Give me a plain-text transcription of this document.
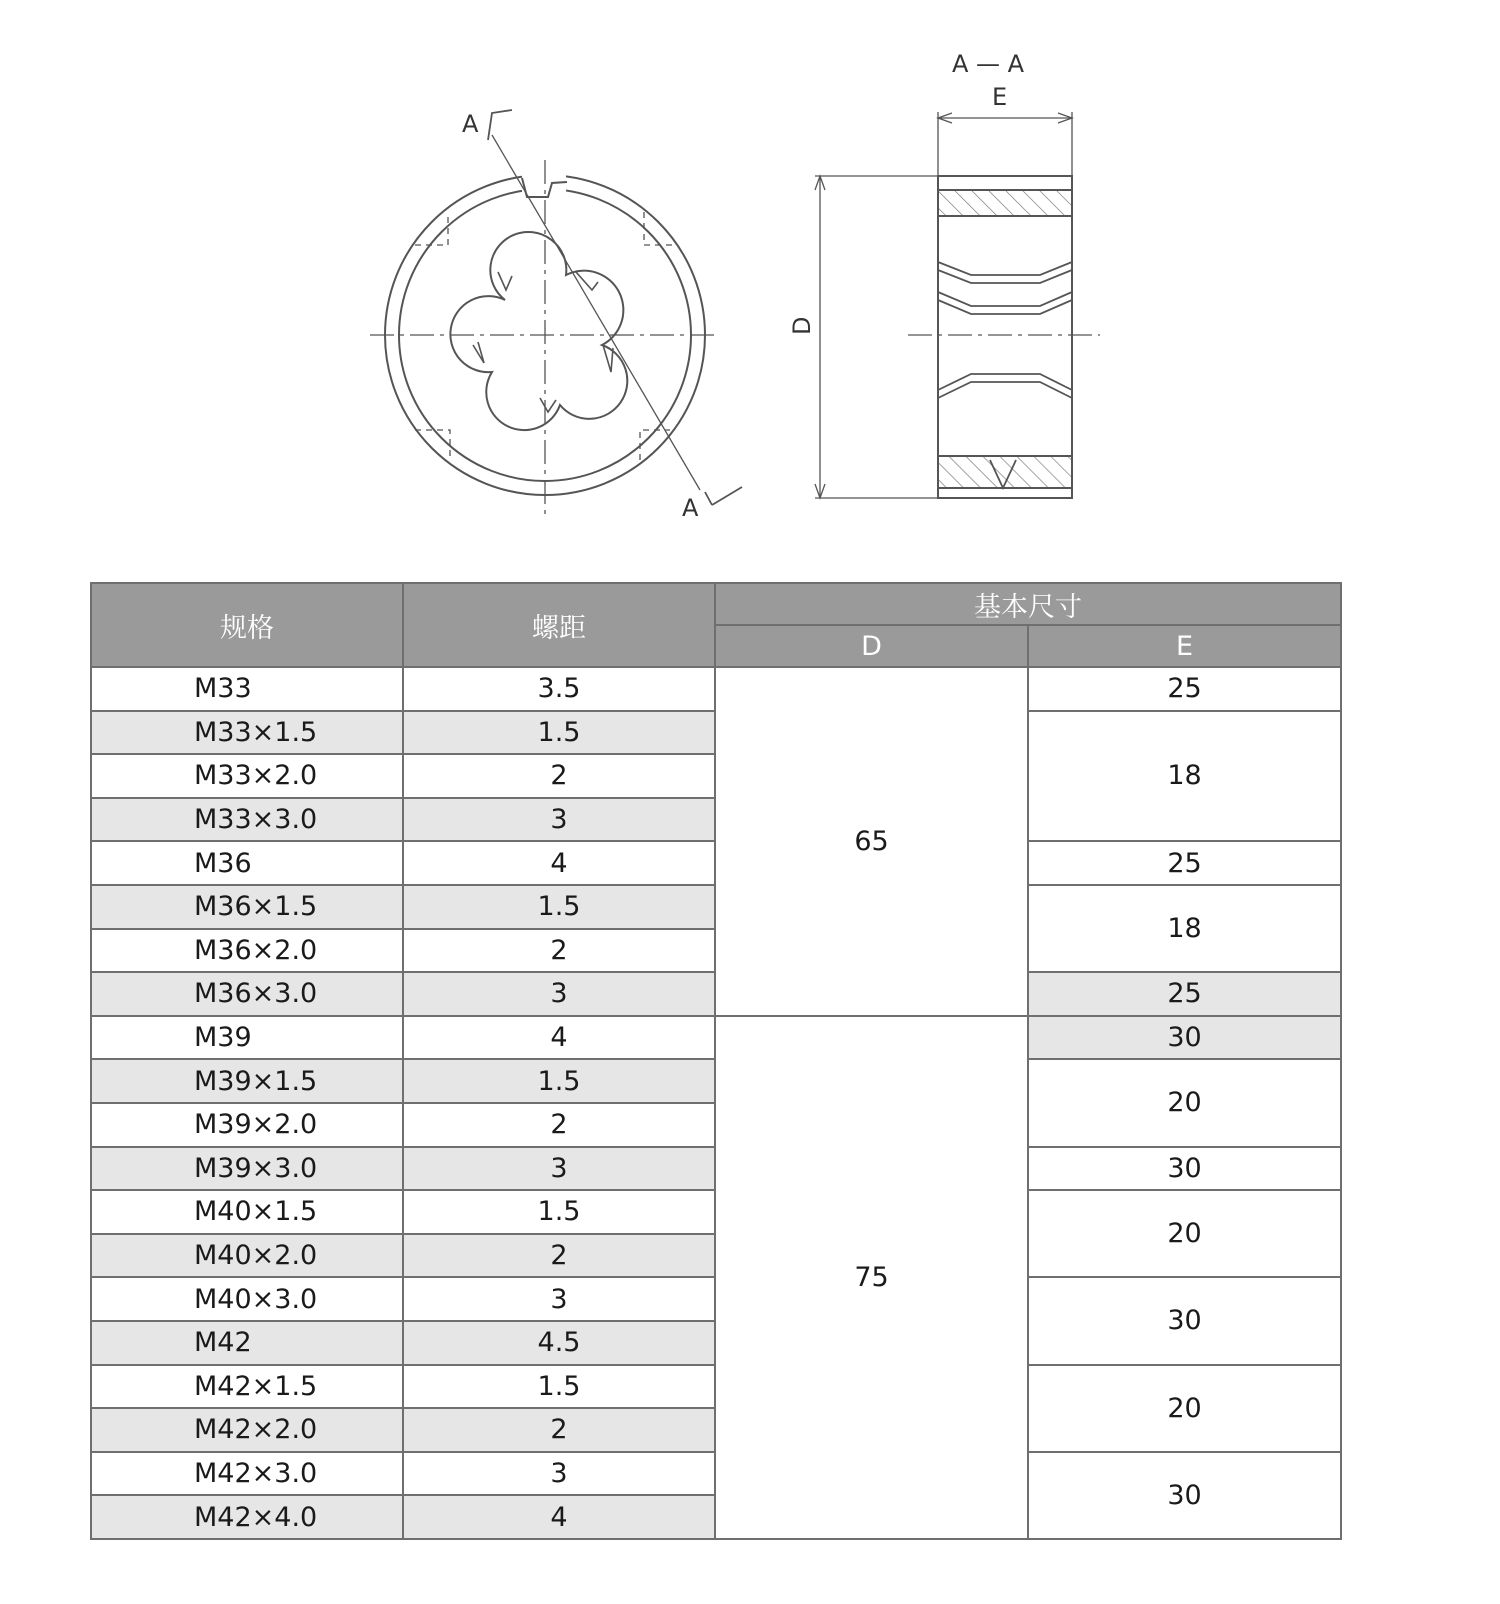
A
A
A — A
E
D
规格	螺距	基本尺寸	
		D	E
M33	3.5	65	25
M33×1.5	1.5		18
M33×2.0	2		
M33×3.0	3		
M36	4		25
M36×1.5	1.5		18
M36×2.0	2		
M36×3.0	3		25
M39	4	75	30
M39×1.5	1.5		20
M39×2.0	2		
M39×3.0	3		30
M40×1.5	1.5		20
M40×2.0	2		
M40×3.0	3		30
M42	4.5		
M42×1.5	1.5		20
M42×2.0	2		
M42×3.0	3		30
M42×4.0	4		
